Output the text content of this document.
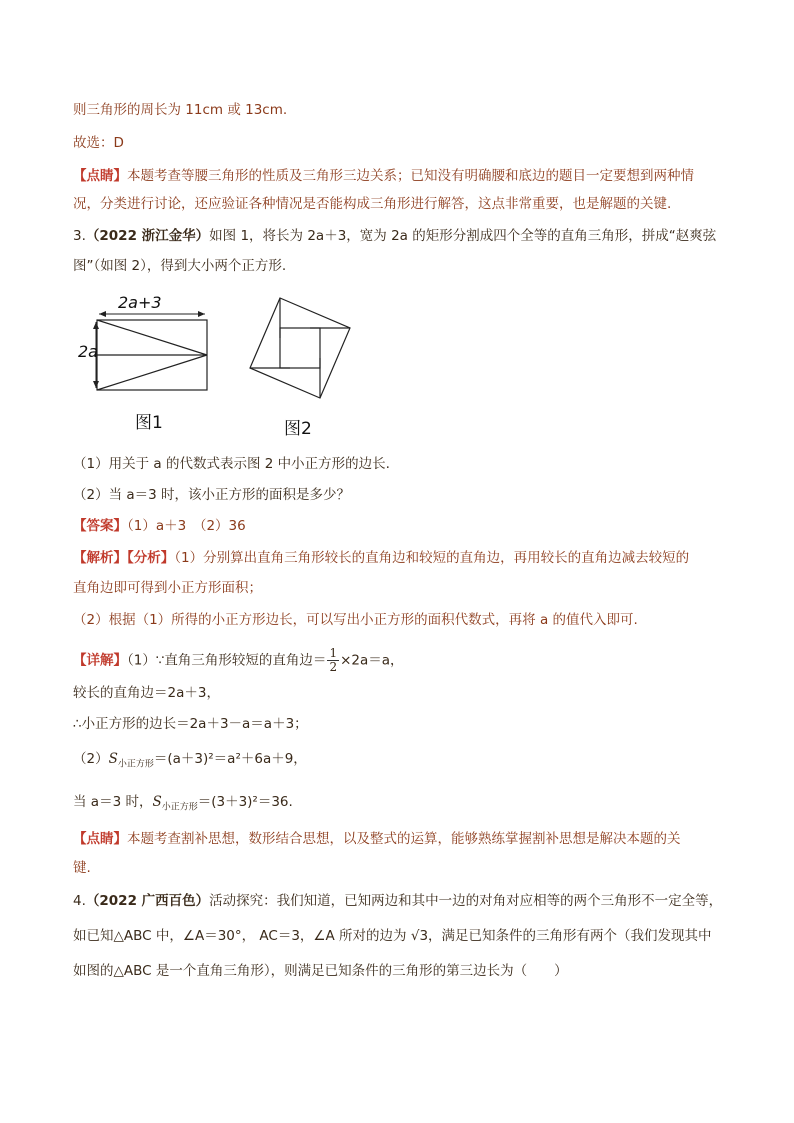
则三角形的周长为 11cm 或 13cm.
故选：D
【点睛】本题考查等腰三角形的性质及三角形三边关系；已知没有明确腰和底边的题目一定要想到两种情
况，分类进行讨论，还应验证各种情况是否能构成三角形进行解答，这点非常重要，也是解题的关键.
3.（2022 浙江金华）如图 1，将长为 2a＋3，宽为 2a 的矩形分割成四个全等的直角三角形，拼成“赵爽弦
图”（如图 2），得到大小两个正方形.
2a+3
2a
图1	图2
（1）用关于 a 的代数式表示图 2 中小正方形的边长.
（2）当 a＝3 时，该小正方形的面积是多少？
【答案】（1）a＋3　（2）36
【解析】【分析】（1）分别算出直角三角形较长的直角边和较短的直角边，再用较长的直角边减去较短的
直角边即可得到小正方形面积；
（2）根据（1）所得的小正方形边长，可以写出小正方形的面积代数式，再将 a 的值代入即可.
【详解】（1）∵直角三角形较短的直角边＝ $\frac{1}{2} \times 2a=a$，
较长的直角边＝2a＋3，
∴小正方形的边长＝2a＋3－a＝a＋3；
$(2)S_{小正方形}=(a+3)^2=a^2+6a+9$，
当 a＝3 时，$S_{小正方形}=(3+3)^2=36$.
【点睛】本题考查割补思想，数形结合思想，以及整式的运算，能够熟练掌握割补思想是解决本题的关
键.
4.（2022 广西百色）活动探究：我们知道，已知两边和其中一边的对角对应相等的两个三角形不一定全等，
如已知△ABC 中，∠A＝30°， AC＝3，∠A 所对的边为 √3，满足已知条件的三角形有两个（我们发现其中
如图的△ABC 是一个直角三角形），则满足已知条件的三角形的第三边长为（　　）
